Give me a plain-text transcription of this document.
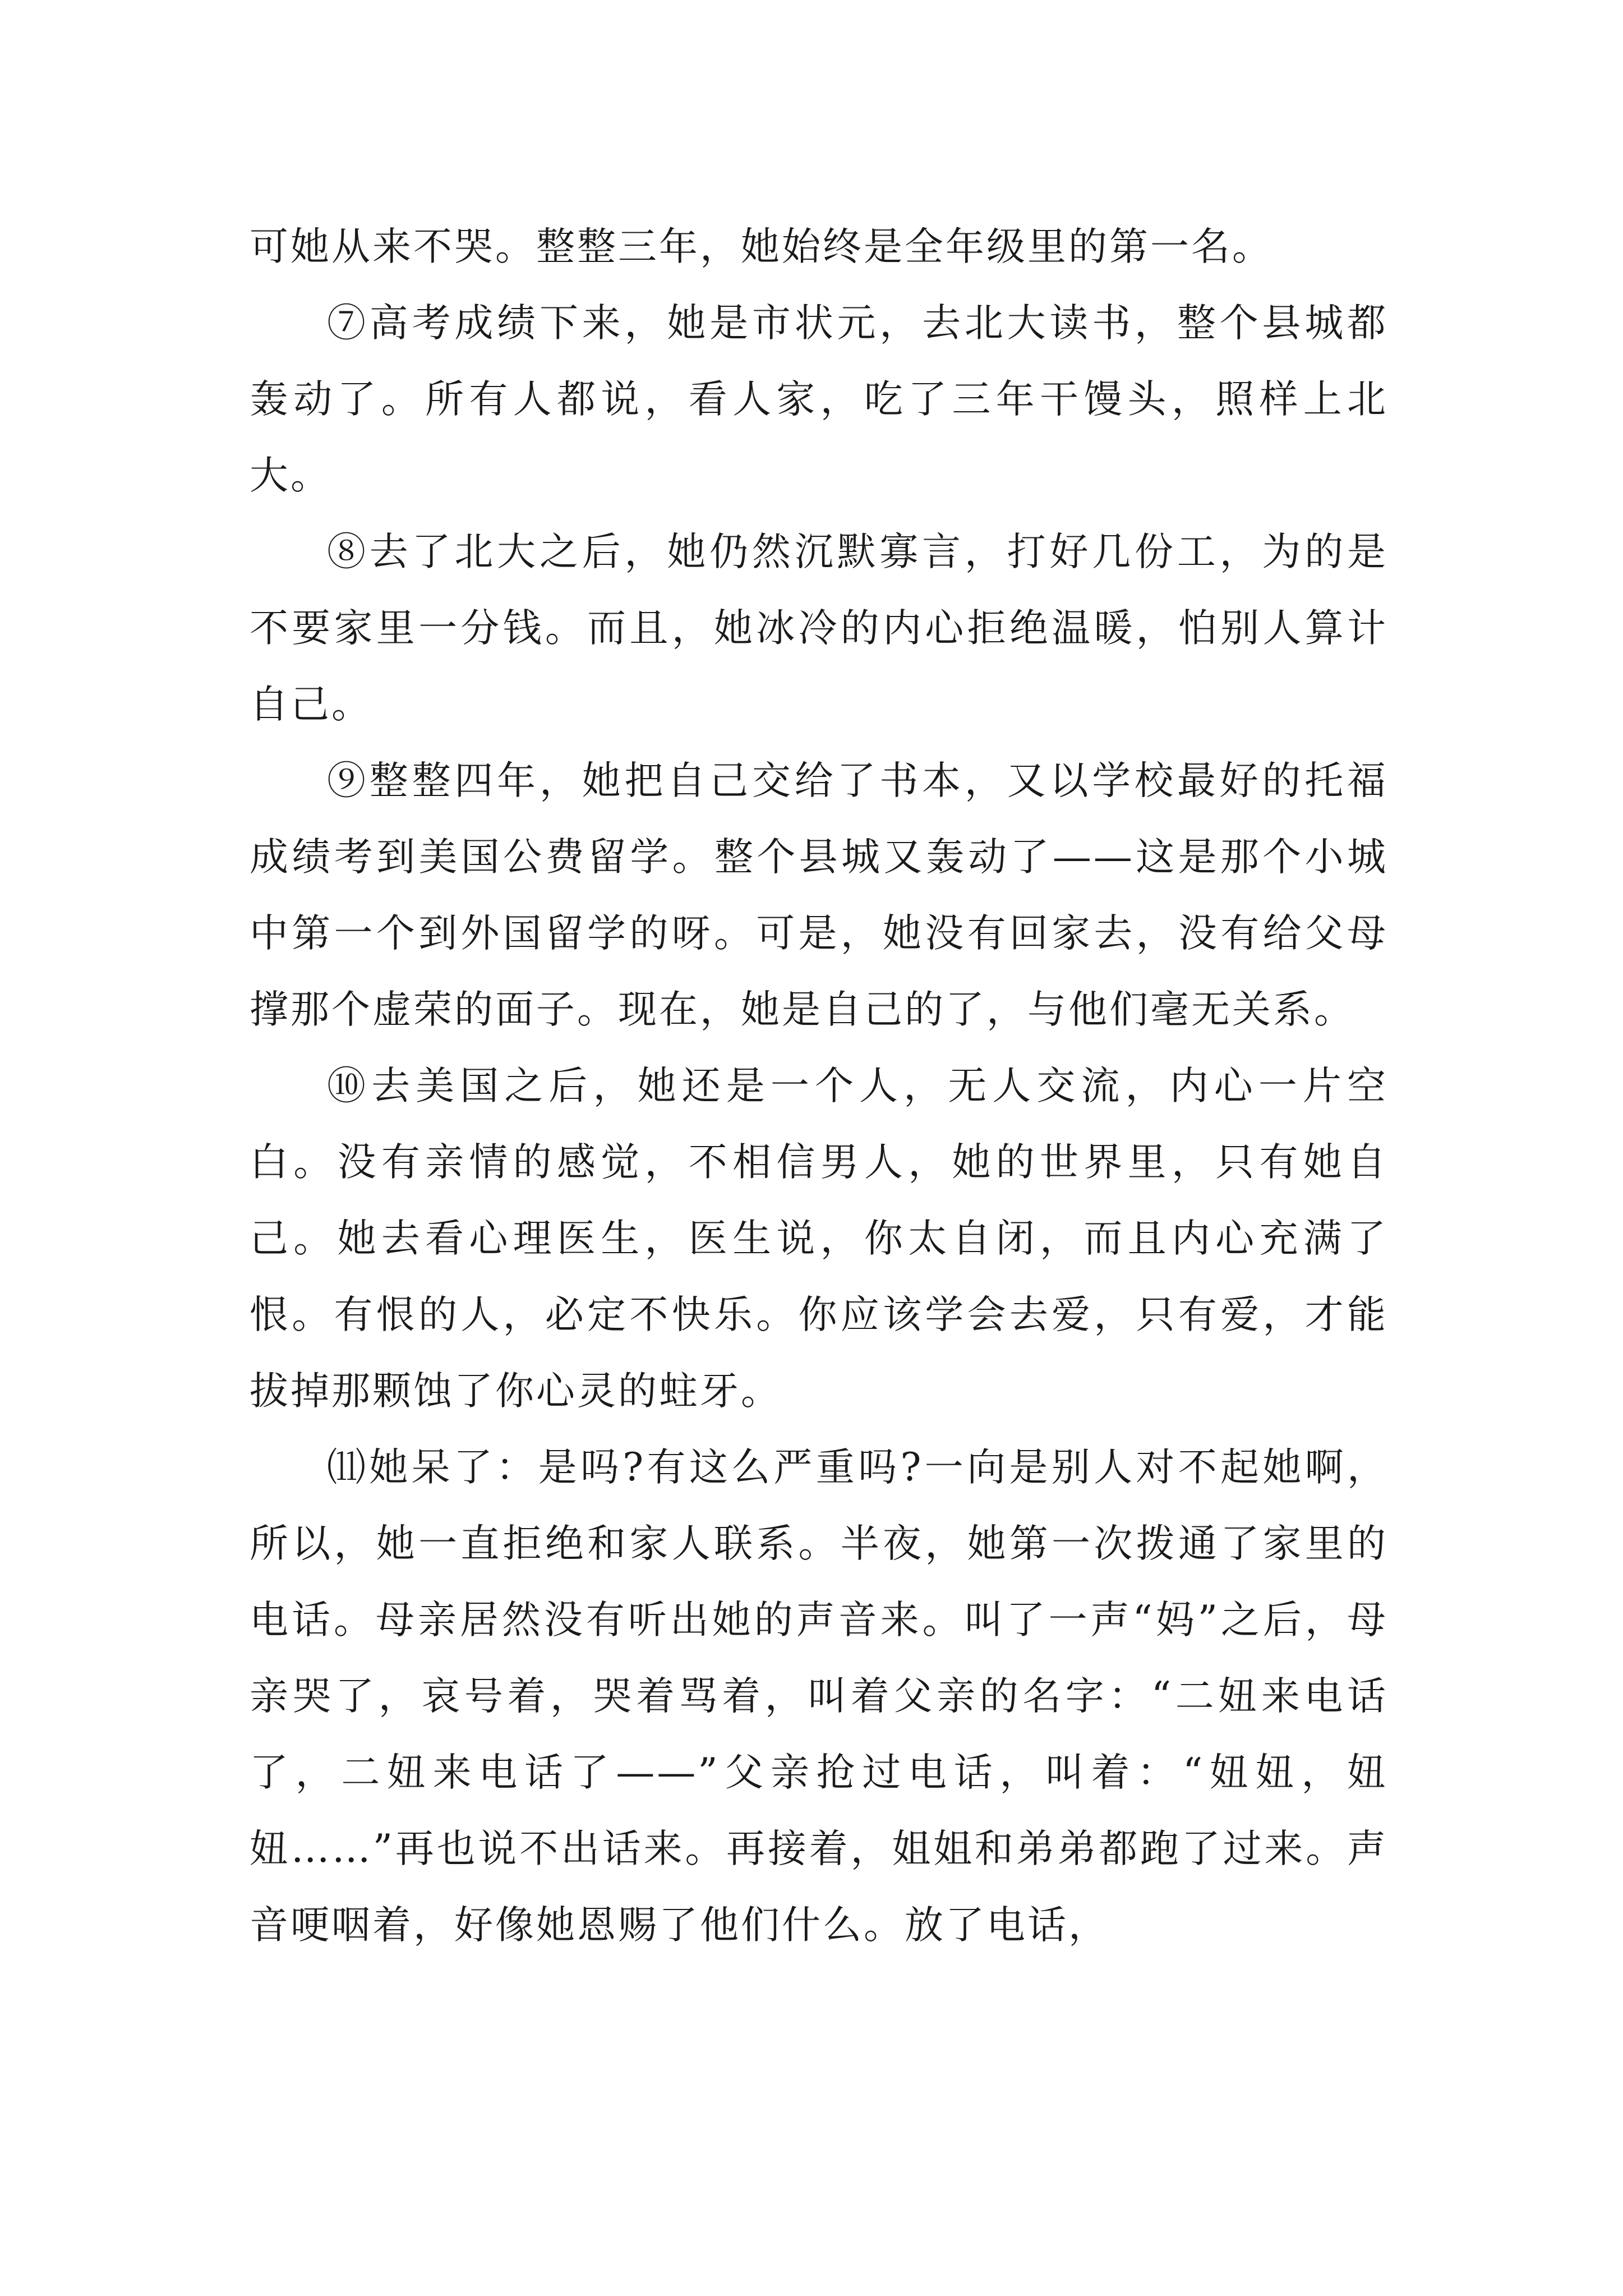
可她从来不哭。整整三年，她始终是全年级里的第一名。

⑦高考成绩下来，她是市状元，去北大读书，整个县城都轰动了。所有人都说，看人家，吃了三年干馒头，照样上北大。

⑧去了北大之后，她仍然沉默寡言，打好几份工，为的是不要家里一分钱。而且，她冰冷的内心拒绝温暖，怕别人算计自己。

⑨整整四年，她把自己交给了书本，又以学校最好的托福成绩考到美国公费留学。整个县城又轰动了——这是那个小城中第一个到外国留学的呀。可是，她没有回家去，没有给父母撑那个虚荣的面子。现在，她是自己的了，与他们毫无关系。

⑩去美国之后，她还是一个人，无人交流，内心一片空白。没有亲情的感觉，不相信男人，她的世界里，只有她自己。她去看心理医生，医生说，你太自闭，而且内心充满了恨。有恨的人，必定不快乐。你应该学会去爱，只有爱，才能拔掉那颗蚀了你心灵的蛀牙。

⑾她呆了：是吗?有这么严重吗?一向是别人对不起她啊，所以，她一直拒绝和家人联系。半夜，她第一次拨通了家里的电话。母亲居然没有听出她的声音来。叫了一声“妈”之后，母亲哭了，哀号着，哭着骂着，叫着父亲的名字：“二妞来电话了，二妞来电话了——”父亲抢过电话，叫着：“妞妞，妞妞……”再也说不出话来。再接着，姐姐和弟弟都跑了过来。声音哽咽着，好像她恩赐了他们什么。放了电话，
